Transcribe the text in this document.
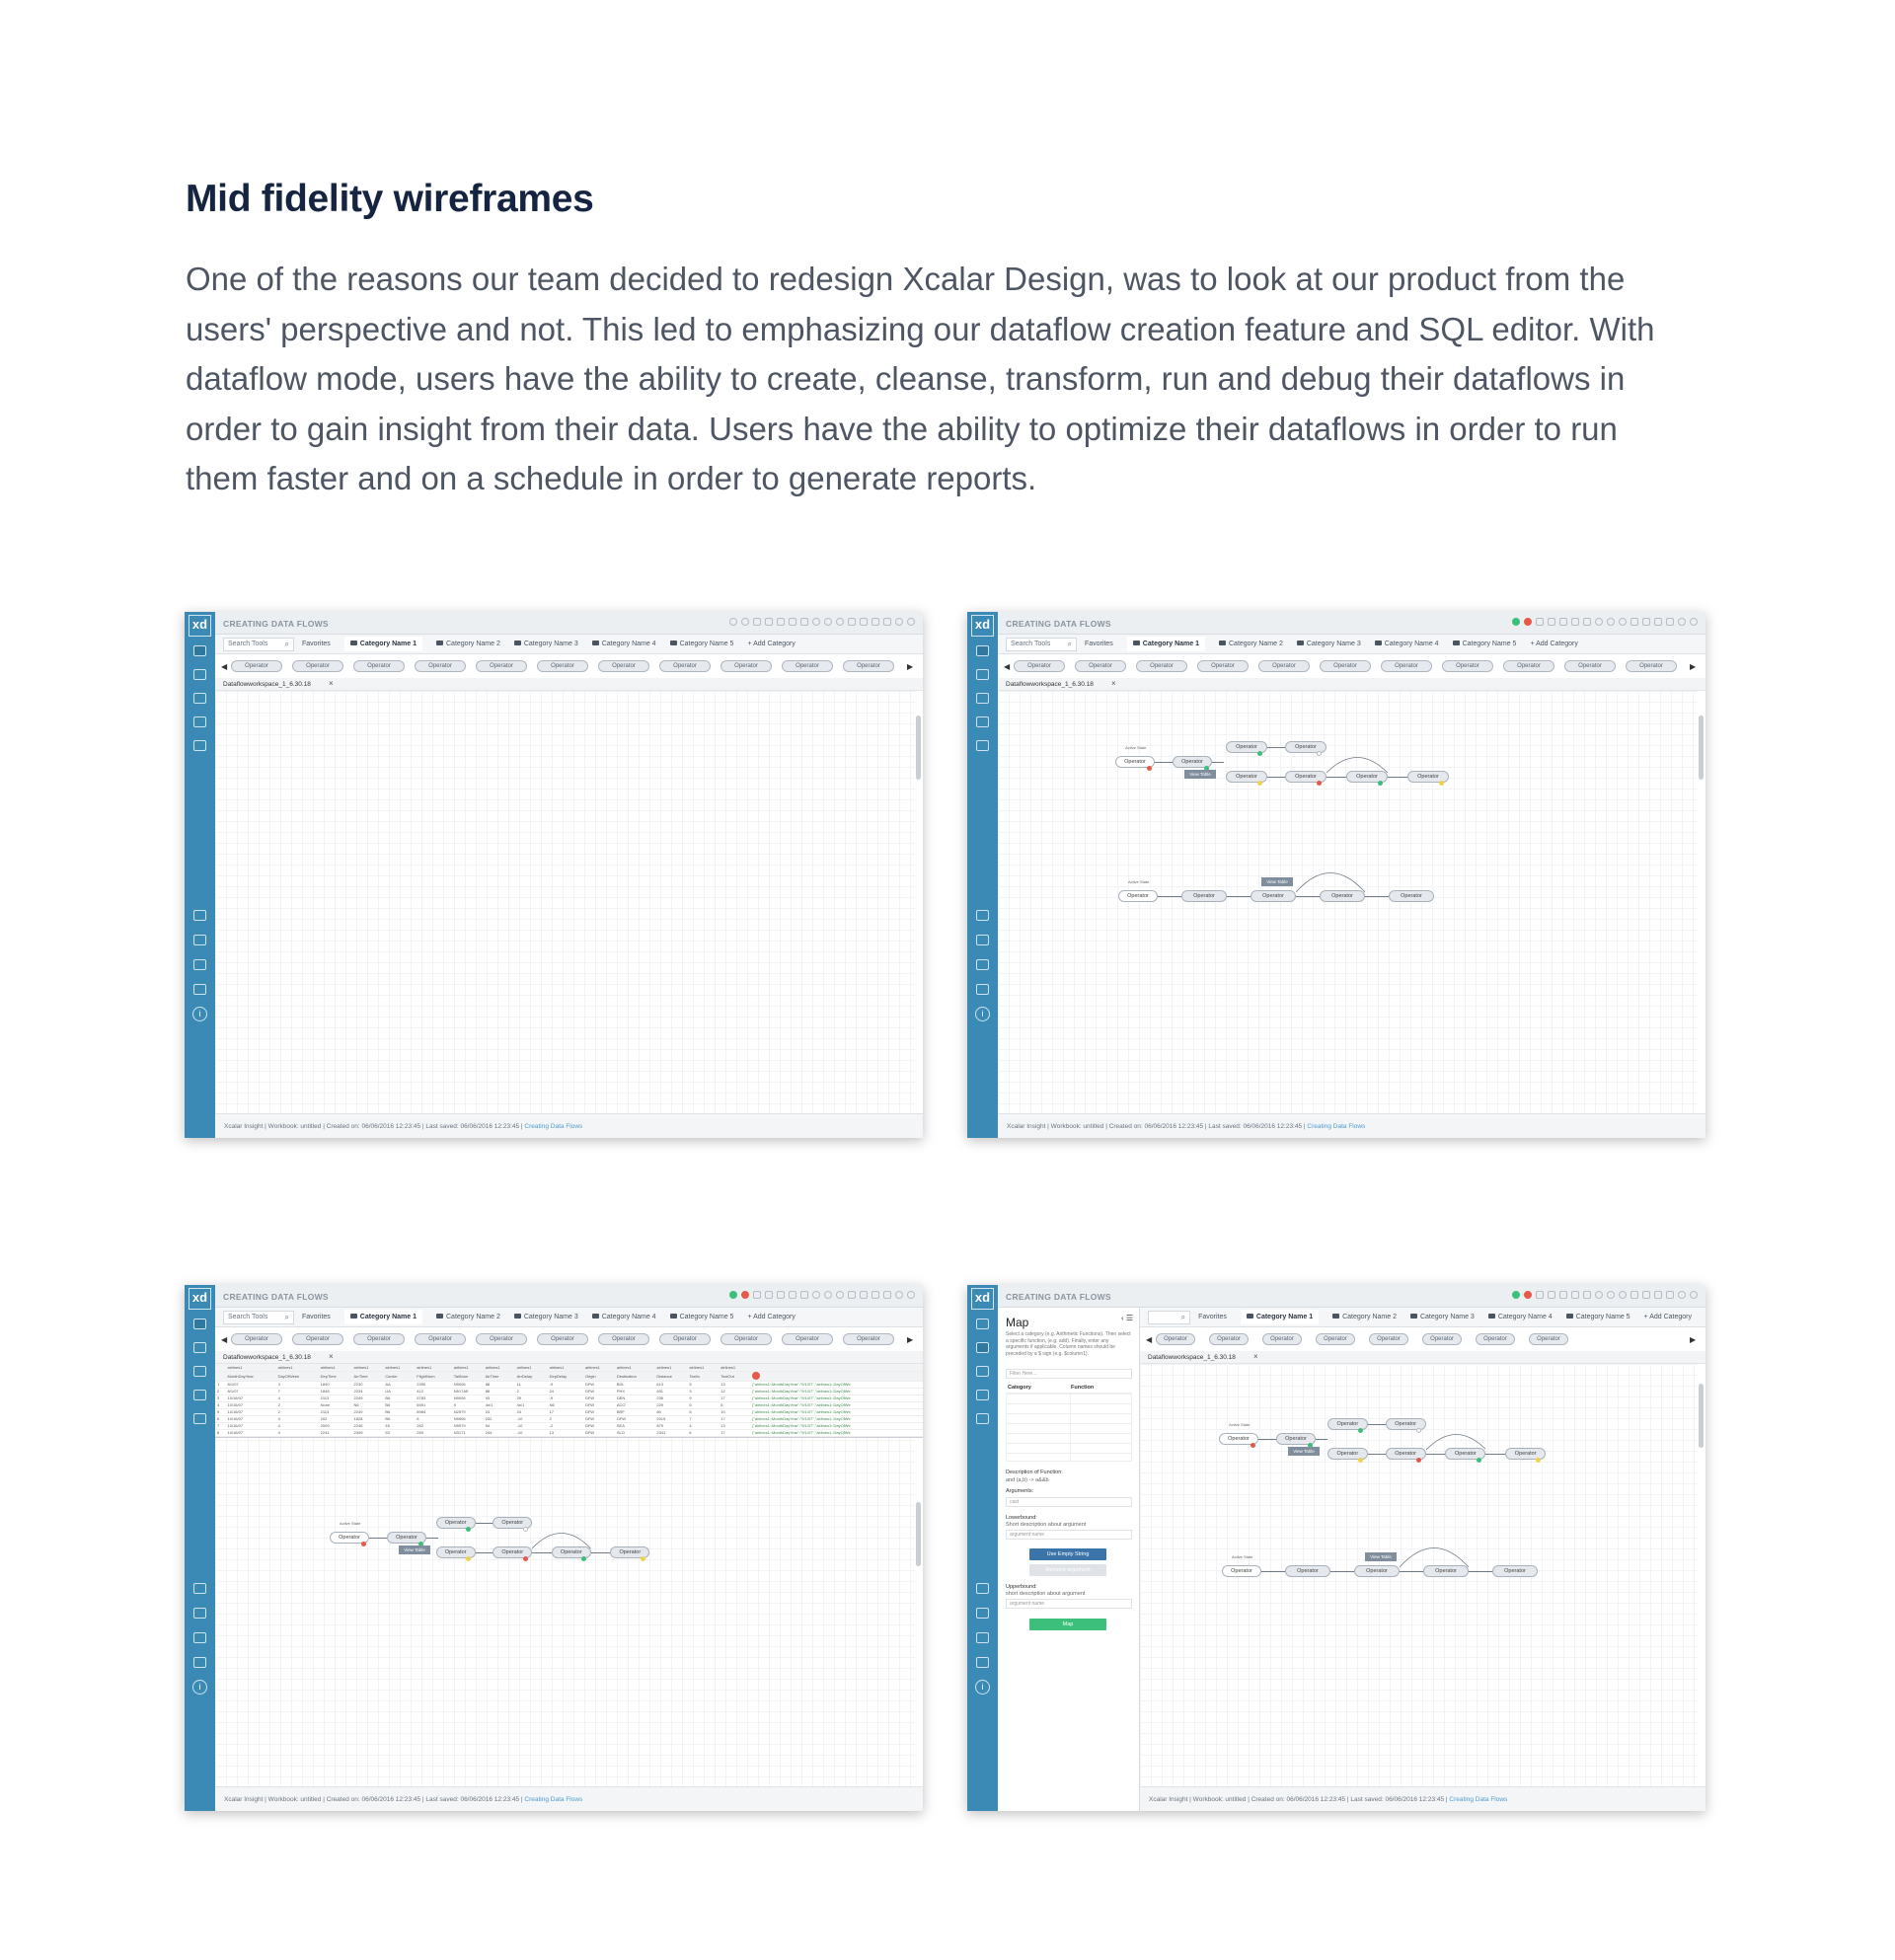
Mid fidelity wireframes
One of the reasons our team decided to redesign Xcalar Design, was to look at our product from the users' perspective and not. This led to emphasizing our dataflow creation feature and SQL editor. With dataflow mode, users have the ability to create, cleanse, transform, run and debug their dataflows in order to gain insight from their data. Users have the ability to optimize their dataflows in order to run them faster and on a schedule in order to generate reports.
xd
i
CREATING DATA FLOWS
Search Tools ⌕	Favorites	Category Name 1	Category Name 2	Category Name 3	Category Name 4	Category Name 5 + Add Category
◀	Operator	Operator	Operator	Operator	Operator	Operator	Operator	Operator	Operator	Operator	Operator	▶
Dataflowworkspace_1_6.30.18 ×
Xcalar Insight | Workbook: untitled | Created on: 06/06/2016 12:23:45 | Last saved: 06/06/2016 12:23:45 | Creating Data Flows
xd
i
CREATING DATA FLOWS
Search Tools ⌕	Favorites	Category Name 1	Category Name 2	Category Name 3	Category Name 4	Category Name 5 + Add Category
◀	Operator	Operator	Operator	Operator	Operator	Operator	Operator	Operator	Operator	Operator	Operator	▶
Dataflowworkspace_1_6.30.18 ×
Xcalar Insight | Workbook: untitled | Created on: 06/06/2016 12:23:45 | Last saved: 06/06/2016 12:23:45 | Creating Data Flows
Active State
Operator	Operator
View Table
Operator	Operator
Operator	Operator	Operator	Operator
Active State
Operator	Operator	Operator
View Table
Operator	Operator
xd
i
CREATING DATA FLOWS
Search Tools ⌕	Favorites	Category Name 1	Category Name 2	Category Name 3	Category Name 4	Category Name 5 + Add Category
◀	Operator	Operator	Operator	Operator	Operator	Operator	Operator	Operator	Operator	Operator	Operator	▶
Dataflowworkspace_1_6.30.18 ×
	airlines1	airlines1	airlines1	airlines1	airlines1	airlines1	airlines1	airlines1	airlines1	airlines1	airlines1	airlines1	airlines1	airlines1	airlines1	
	MonthDayYear	DayOfWeek	DepTime	ArrTime	Carrier	FlightNum	TailNum	AirTime	ArrDelay	DepDelay	Origin	Destination	Distance	TaxiIn	TaxiOut	
1	8/1/07	3	1840	2230	AA	2390	N9006	88	11	-9	DFW	BDL	613	5	13	{"airlines1::MonthDayYear":"9/1/07","airlines1::DayOfWe
2	8/1/07	7	1848	2234	UA	412	N517AE	88	2	24	DFW	PHX	651	3	12	{"airlines1::MonthDayYear":"9/1/07","airlines1::DayOfWe
3	10/16/07	4	2113	2249	B6	5783	N9006	93	29	-9	DFW	DEN	235	9	17	{"airlines1::MonthDayYear":"9/1/07","airlines1::DayOfWe
4	10/16/07	2	None	N6	B6	6991	9	4n/1	4n/1	N6	DFW	ACO	229	6	6	{"airlines1::MonthDayYear":"9/1/07","airlines1::DayOfWe
5	10/16/07	2	2113	2249	B6	8984	N2579	24	24	17	DFW	BRF	80	6	10	{"airlines1::MonthDayYear":"9/1/07","airlines1::DayOfWe
6	10/16/07	4	202	1828	B6	8	N9906	232	-10	2	DFW	DFW	2019	7	17	{"airlines1::MonthDayYear":"9/1/07","airlines1::DayOfWe
7	10/16/07	4	2009	2246	45	262	N9979	94	-10	-2	DFW	SEA	879	4	13	{"airlines1::MonthDayYear":"9/1/07","airlines1::DayOfWe
8	10/16/07	4	2241	2349	53	259	N3171	244	-10	13	DFW	SLO	2341	6	17	{"airlines1::MonthDayYear":"9/1/07","airlines1::DayOfWe
Xcalar Insight | Workbook: untitled | Created on: 06/06/2016 12:23:45 | Last saved: 06/06/2016 12:23:45 | Creating Data Flows
Active State
Operator	Operator
View Table
Operator	Operator
Operator	Operator	Operator	Operator
xd
i
CREATING DATA FLOWS
Map	‹ ☰
Select a category (e.g. Arithmetic Functions). Then select a specific function, (e.g. add). Finally, enter any arguments if applicable. Column names should be preceded by a $ sign (e.g. $column1).
Filter Here...
Category	Function
Description of Function:
and (a,b) -> a&&b
Arguments:
cast
Lowerbound:
Short description about argument
argument name
Use Empty String
Remove argument
Upperbound:
short description about argument
argument name
Map
⌕
Favorites	Category Name 1	Category Name 2	Category Name 3	Category Name 4	Category Name 5 + Add Category
◀	Operator	Operator	Operator	Operator	Operator	Operator	Operator	Operator	▶
Dataflowworkspace_1_6.30.18 ×
Xcalar Insight | Workbook: untitled | Created on: 06/06/2016 12:23:45 | Last saved: 06/06/2016 12:23:45 | Creating Data Flows
Active State
Operator	Operator
View Table
Operator	Operator
Operator	Operator	Operator	Operator
Active State
Operator	Operator	Operator
View Table
Operator	Operator
